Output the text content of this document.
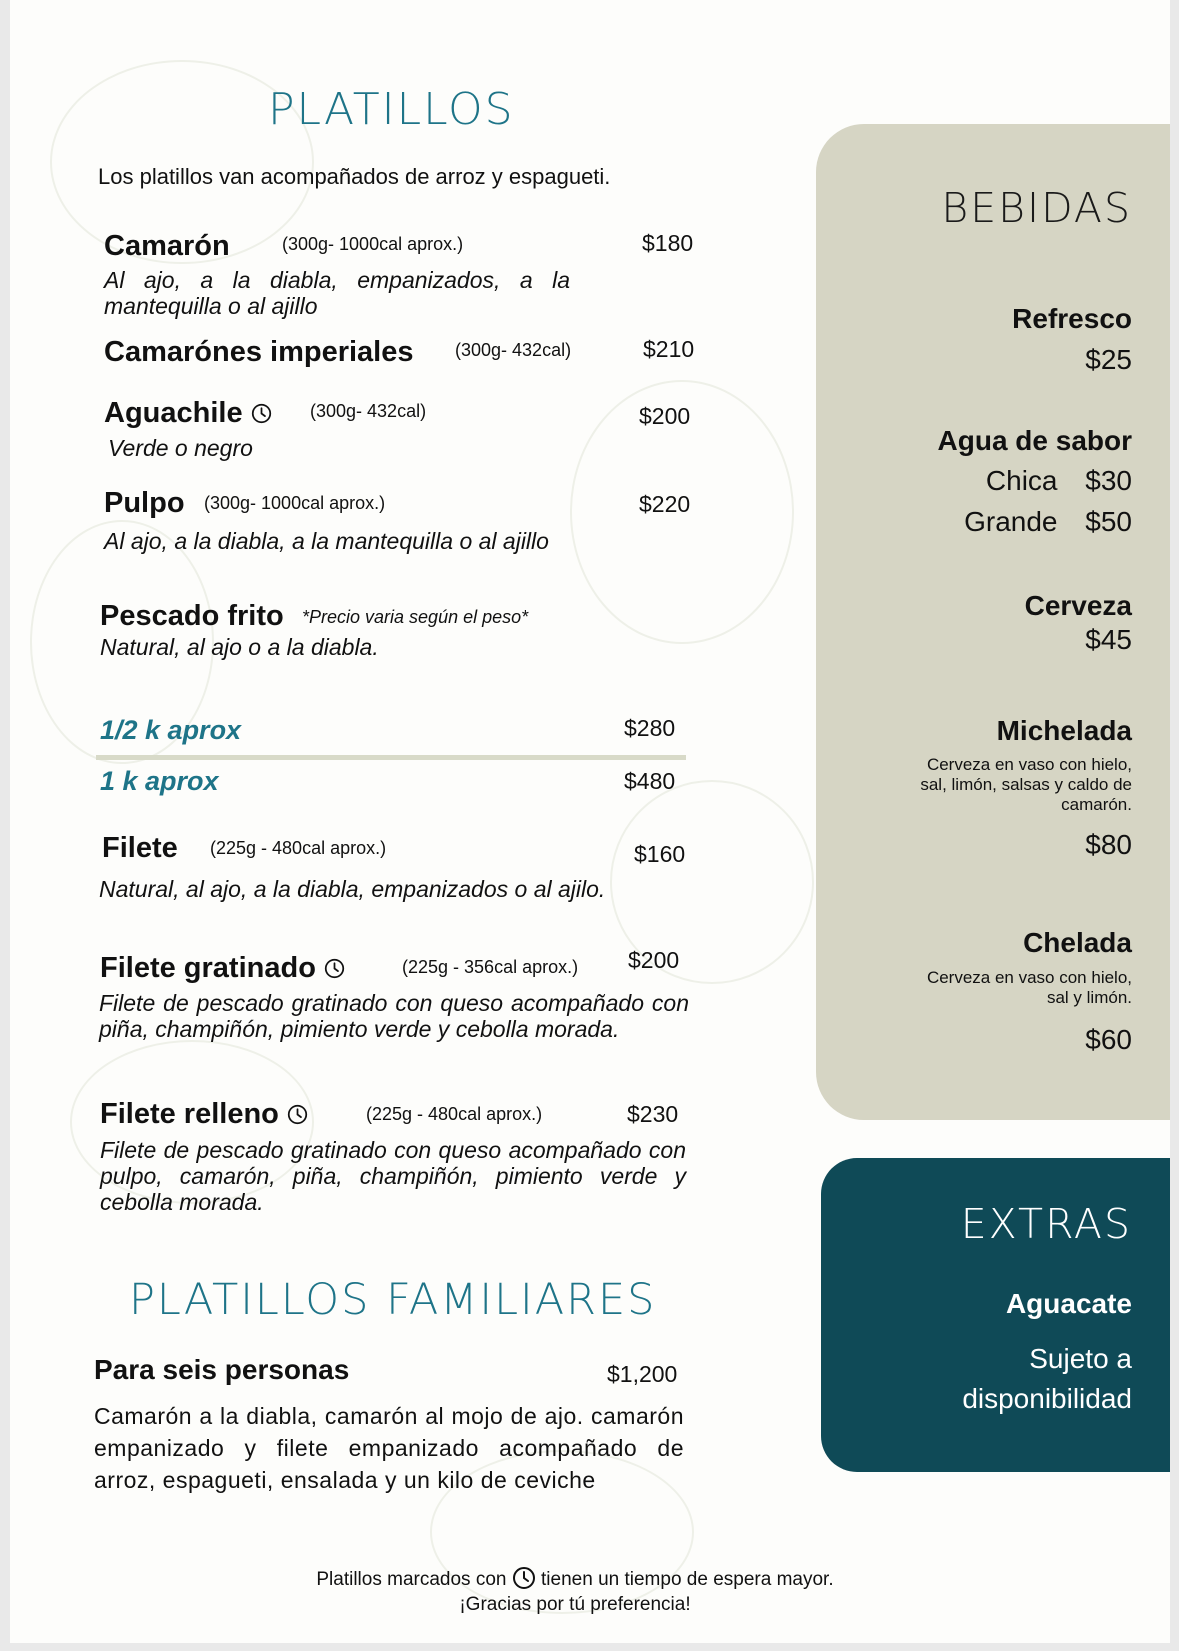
PLATILLOS
Los platillos van acompañados de arroz y espagueti.
Camarón	(300g- 1000cal aprox.)	$180
Al ajo, a la diabla, empanizados, a la mantequilla o al ajillo
Camarónes imperiales (300g- 432cal)	$210
Aguachile	(300g- 432cal)	$200
Verde o negro
Pulpo (300g- 1000cal aprox.)	$220
Al ajo, a la diabla, a la mantequilla o al ajillo
Pescado frito *Precio varia según el peso*
Natural, al ajo o a la diabla.
1/2 k aprox	$280
1 k aprox	$480
Filete (225g - 480cal aprox.)	$160
Natural, al ajo, a la diabla, empanizados o al ajilo.
Filete gratinado	(225g - 356cal aprox.) $200
Filete de pescado gratinado con queso acompañado con piña, champiñón, pimiento verde y cebolla morada.
Filete relleno	(225g - 480cal aprox.)	$230
Filete de pescado gratinado con queso acompañado con pulpo, camarón, piña, champiñón, pimiento verde y cebolla morada.
PLATILLOS FAMILIARES
Para seis personas	$1,200
Camarón a la diabla, camarón al mojo de ajo. camarón empanizado y filete empanizado acompañado de arroz, espagueti, ensalada y un kilo de ceviche
Platillos marcados con tienen un tiempo de espera mayor.
¡Gracias por tú preferencia!
BEBIDAS
Refresco
$25
Agua de sabor
Chica $30
Grande $50
Cerveza
$45
Michelada
Cerveza en vaso con hielo,
sal, limón, salsas y caldo de
camarón.
$80
Chelada
Cerveza en vaso con hielo,
sal y limón.
$60
EXTRAS
Aguacate
Sujeto a
disponibilidad
